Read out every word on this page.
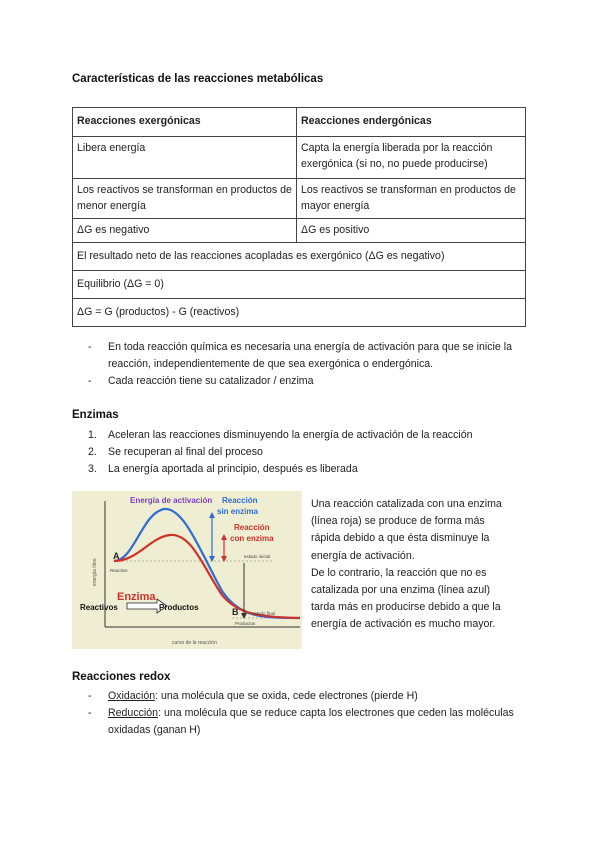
Características de las reacciones metabólicas
Reacciones exergónicas	Reacciones endergónicas
Libera energía	Capta la energía liberada por la reacción exergónica (si no, no puede producirse)
Los reactivos se transforman en productos de menor energía	Los reactivos se transforman en productos de mayor energía
ΔG es negativo	ΔG es positivo
El resultado neto de las reacciones acopladas es exergónico (ΔG es negativo)	
Equilibrio (ΔG = 0)	
ΔG = G (productos) - G (reactivos)	
-	En toda reacción química es necesaria una energía de activación para que se inicie la reacción, independientemente de que sea exergónica o endergónica.
-	Cada reacción tiene su catalizador / enzima
Enzimas
1.	Aceleran las reacciones disminuyendo la energía de activación de la reacción
2.	Se recuperan al final del proceso
3.	La energía aportada al principio, después es liberada
Energía de activación Reacción
sin enzima
Reacción
con enzima
A
B
estado inicial
estado final
Reactivo
Productos
Enzima
Reactivos	Productos
curso de la reacción
energía libre
Una reacción catalizada con una enzima
(línea roja) se produce de forma más
rápida debido a que ésta disminuye la
energía de activación.
De lo contrario, la reacción que no es
catalizada por una enzima (línea azul)
tarda más en producirse debido a que la
energía de activación es mucho mayor.
Reacciones redox
-	Oxidación: una molécula que se oxida, cede electrones (pierde H)
-	Reducción: una molécula que se reduce capta los electrones que ceden las moléculas oxidadas (ganan H)
